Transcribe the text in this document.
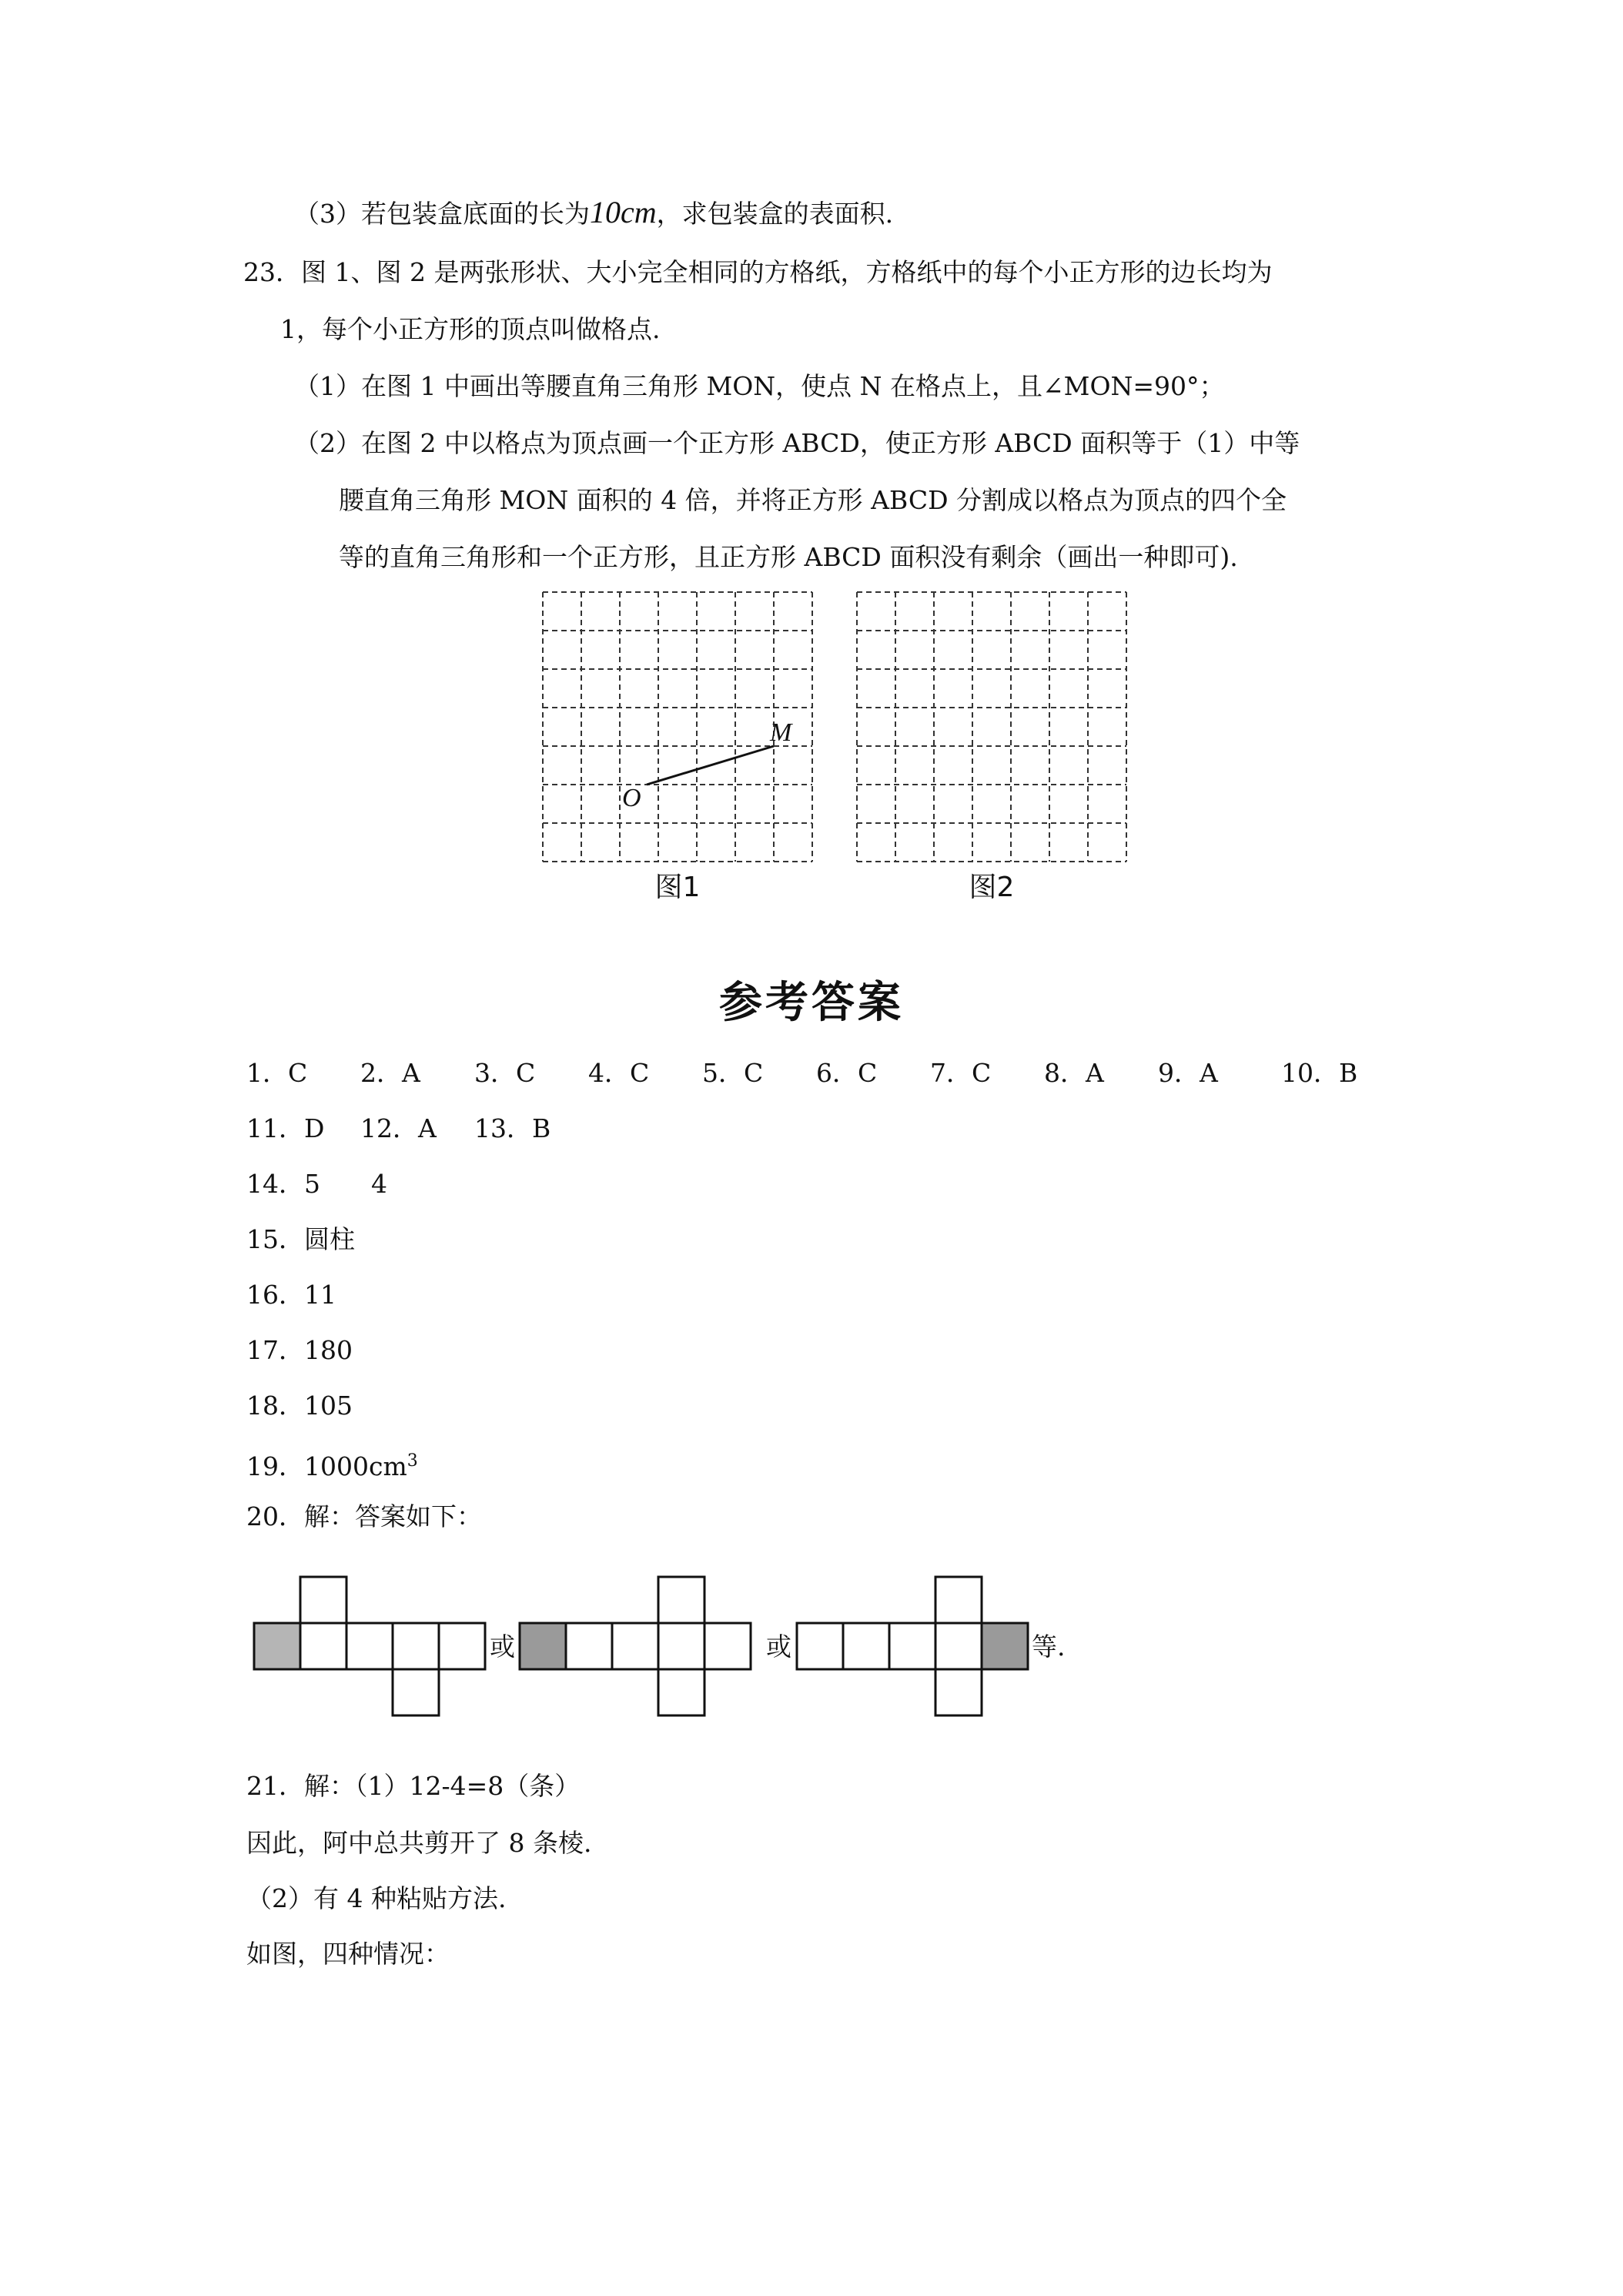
（3）若包装盒底面的长为10cm，求包装盒的表面积.
23．图 1、图 2 是两张形状、大小完全相同的方格纸，方格纸中的每个小正方形的边长均为
1，每个小正方形的顶点叫做格点.
（1）在图 1 中画出等腰直角三角形 MON，使点 N 在格点上，且∠MON=90°；
（2）在图 2 中以格点为顶点画一个正方形 ABCD，使正方形 ABCD 面积等于（1）中等
腰直角三角形 MON 面积的 4 倍，并将正方形 ABCD 分割成以格点为顶点的四个全
等的直角三角形和一个正方形，且正方形 ABCD 面积没有剩余（画出一种即可).
O
M
图1	图2
参考答案
1．C 2．A 3．C 4．C 5．C 6．C 7．C 8．A 9．A 10．B
11．D 12．A 13．B
14．5　　4
15．圆柱
16．11
17．180
18．105
19．$1000cm^3$
20．解：答案如下：
或	或	等.
21．解：（1）12-4=8（条）
因此，阿中总共剪开了 8 条棱.
（2）有 4 种粘贴方法.
如图，四种情况：
